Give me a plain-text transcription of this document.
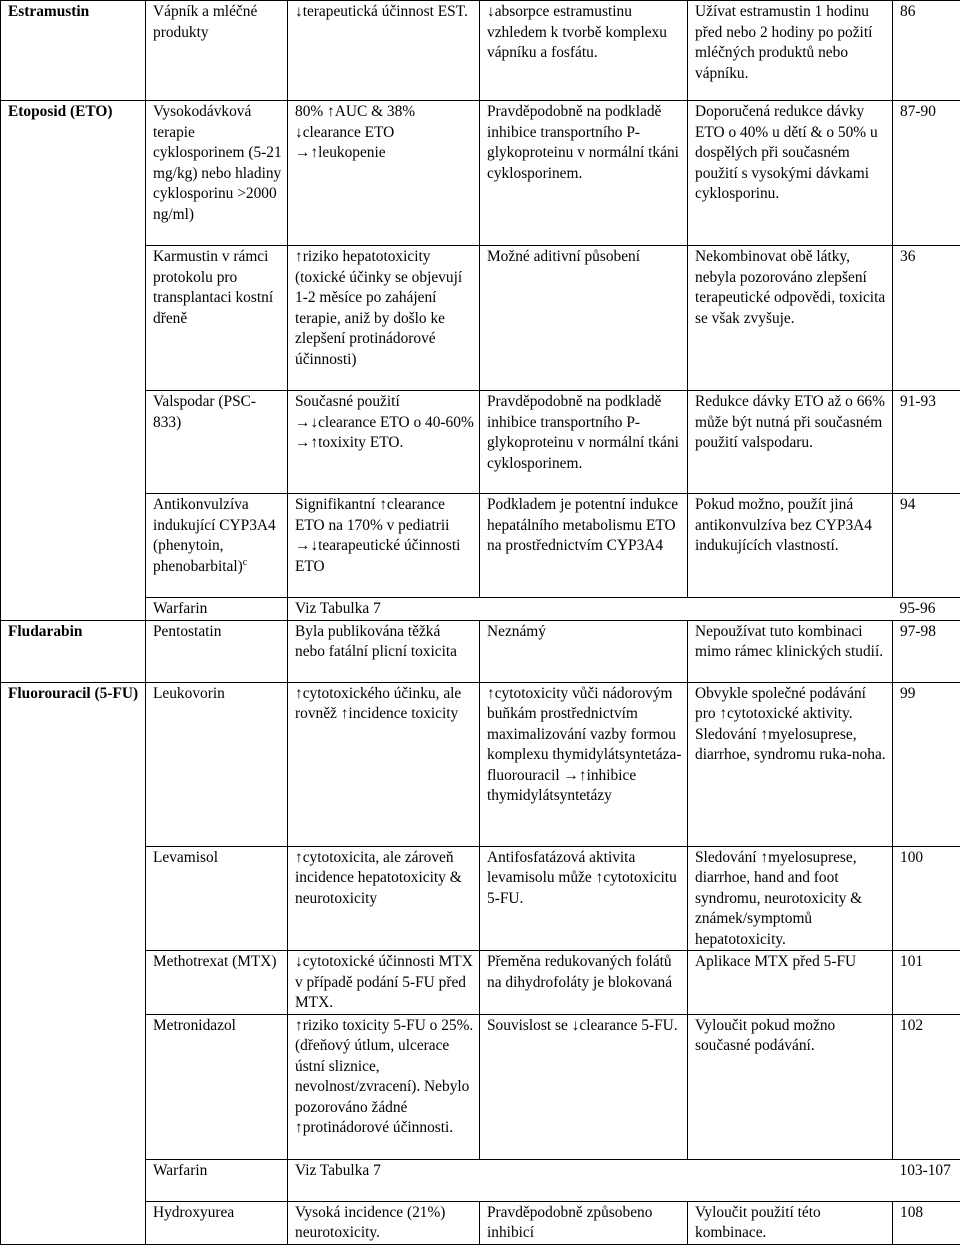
Estramustin	Vápník a mléčné produkty	↓terapeutická účinnost EST.	↓absorpce estramustinu vzhledem k tvorbě komplexu vápníku a fosfátu.	Užívat estramustin 1 hodinu před nebo 2 hodiny po požití mléčných produktů nebo vápníku.	86
Etoposid (ETO)	Vysokodávková terapie cyklosporinem (5-21 mg/kg) nebo hladiny cyklosporinu >2000 ng/ml)	80% ↑AUC & 38% ↓clearance ETO →↑leukopenie	Pravděpodobně na podkladě inhibice transportního P-glykoproteinu v normální tkáni cyklosporinem.	Doporučená redukce dávky ETO o 40% u dětí & o 50% u dospělých při současném použití s vysokými dávkami cyklosporinu.	87-90
	Karmustin v rámci protokolu pro transplantaci kostní dřeně	↑riziko hepatotoxicity (toxické účinky se objevují 1-2 měsíce po zahájení terapie, aniž by došlo ke zlepšení protinádorové účinnosti)	Možné aditivní působení	Nekombinovat obě látky, nebyla pozorováno zlepšení terapeutické odpovědi, toxicita se však zvyšuje.	36
	Valspodar (PSC-833)	Současné použití →↓clearance ETO o 40-60% →↑toxixity ETO.	Pravděpodobně na podkladě inhibice transportního P-glykoproteinu v normální tkáni cyklosporinem.	Redukce dávky ETO až o 66% může být nutná při současném použití valspodaru.	91-93
	Antikonvulzíva indukující CYP3A4 (phenytoin, phenobarbital)$^c$	Signifikantní ↑clearance ETO na 170% v pediatrii →↓tearapeutické účinnosti ETO	Podkladem je potentní indukce hepatálního metabolismu ETO na prostřednictvím CYP3A4	Pokud možno, použít jiná antikonvulzíva bez CYP3A4 indukujících vlastností.	94
	Warfarin	Viz Tabulka 7			95-96
Fludarabin	Pentostatin	Byla publikována těžká nebo fatální plicní toxicita	Neznámý	Nepoužívat tuto kombinaci mimo rámec klinických studií.	97-98
Fluorouracil (5-FU)	Leukovorin	↑cytotoxického účinku, ale rovněž ↑incidence toxicity	↑cytotoxicity vůči nádorovým buňkám prostřednictvím maximalizování vazby formou komplexu thymidylátsyntetáza-fluorouracil →↑inhibice thymidylátsyntetázy	Obvykle společné podávání pro ↑cytotoxické aktivity. Sledování ↑myelosuprese, diarrhoe, syndromu ruka-noha.	99
	Levamisol	↑cytotoxicita, ale zároveň incidence hepatotoxicity & neurotoxicity	Antifosfatázová aktivita levamisolu může ↑cytotoxicitu 5-FU.	Sledování ↑myelosuprese, diarrhoe, hand and foot syndromu, neurotoxicity & známek/symptomů hepatotoxicity.	100
	Methotrexat (MTX)	↓cytotoxické účinnosti MTX v případě podání 5-FU před MTX.	Přeměna redukovaných folátů na dihydrofoláty je blokovaná	Aplikace MTX před 5-FU	101
	Metronidazol	↑riziko toxicity 5-FU o 25%. (dřeňový útlum, ulcerace ústní sliznice, nevolnost/zvracení). Nebylo pozorováno žádné ↑protinádorové účinnosti.	Souvislost se ↓clearance 5-FU.	Vyloučit pokud možno současné podávání.	102
	Warfarin	Viz Tabulka 7			103-107
	Hydroxyurea	Vysoká incidence (21%) neurotoxicity.	Pravděpodobně způsobeno inhibicí	Vyloučit použití této kombinace.	108
